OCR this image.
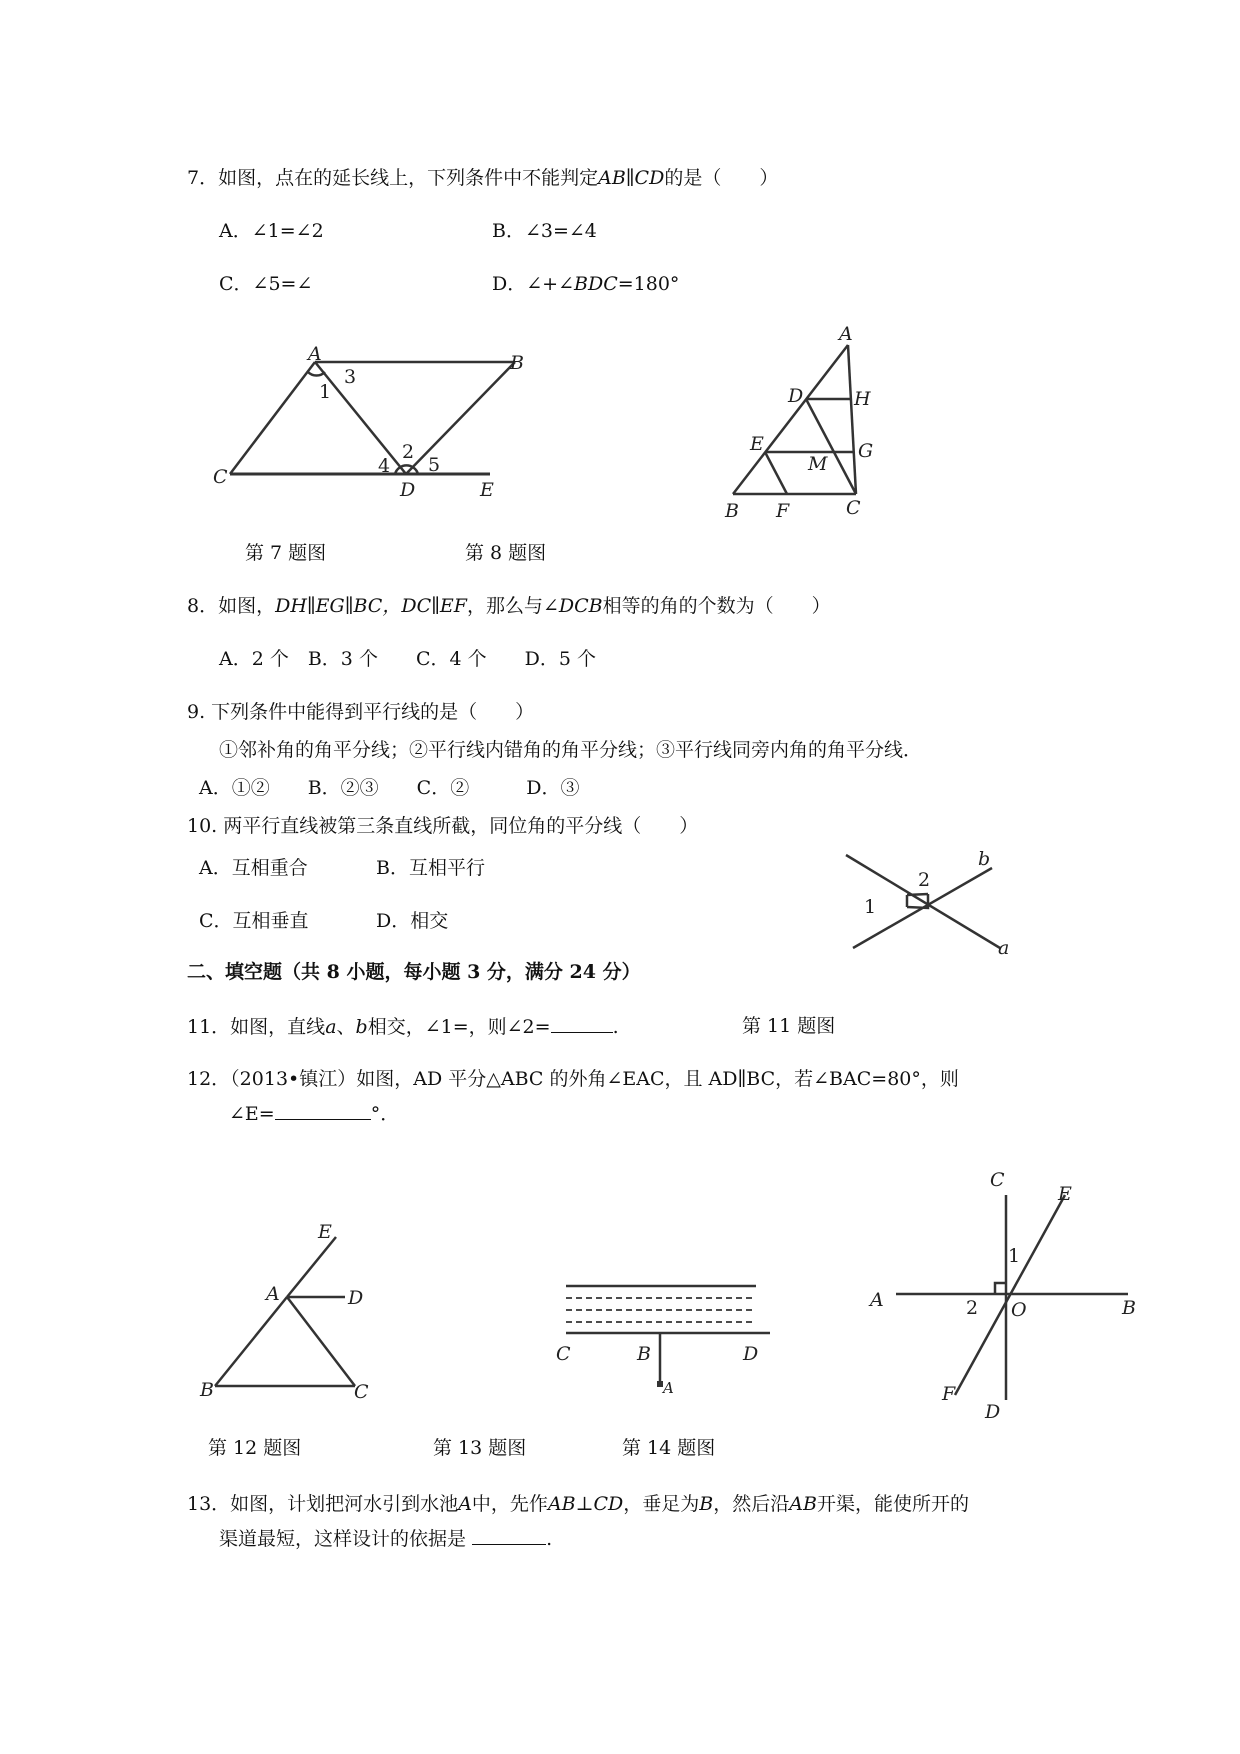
7．如图，点在的延长线上，下列条件中不能判定AB∥CD的是（　　）
A．∠1=∠2	B．∠3=∠4
C．∠5=∠	D．∠+∠BDC=180°
A	B
C
D	E
1
2
3
4 5
A
D	H
E	G
M
B F	C
第 7 题图	第 8 题图
8．如图，DH∥EG∥BC，DC∥EF，那么与∠DCB相等的角的个数为（　　）
A．2 个　B．3 个　　C．4 个　　D．5 个
9. 下列条件中能得到平行线的是（　　）
①邻补角的角平分线；②平行线内错角的角平分线；③平行线同旁内角的角平分线．
A．①②　　B．②③　　C．②　　　D．③
10. 两平行直线被第三条直线所截，同位角的平分线（　　）
A．互相重合	B．互相平行
C．互相垂直	D．相交
b
a
1
2
二、填空题（共 8 小题，每小题 3 分，满分 24 分）
11．如图，直线a、b相交，∠1=，则∠2=	.	第 11 题图
12．（2013•镇江）如图，AD 平分△ABC 的外角∠EAC，且 AD∥BC，若∠BAC=80°，则
∠E=	°．
E
A	D
B	C
C	B	D
A
C
E
1
A	2 O	B
F
D
第 12 题图	第 13 题图	第 14 题图
13．如图，计划把河水引到水池A中，先作AB⊥CD，垂足为B，然后沿AB开渠，能使所开的
渠道最短，这样设计的依据是	.
